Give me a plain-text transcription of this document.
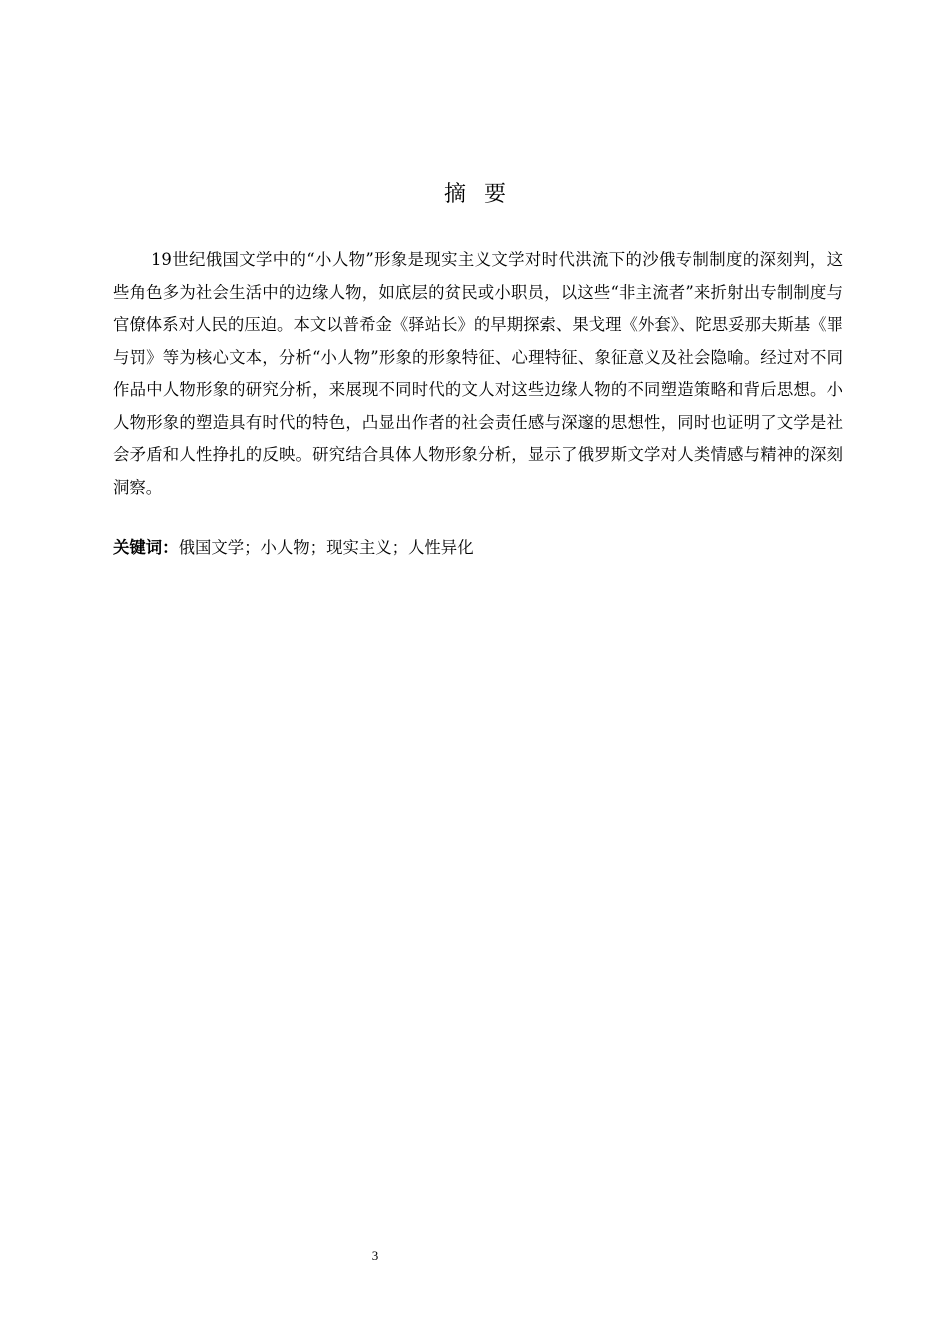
摘要

19世纪俄国文学中的“小人物”形象是现实主义文学对时代洪流下的沙俄专制制度的深刻判，这些角色多为社会生活中的边缘人物，如底层的贫民或小职员，以这些“非主流者”来折射出专制制度与官僚体系对人民的压迫。本文以普希金《驿站长》的早期探索、果戈理《外套》、陀思妥那夫斯基《罪与罚》等为核心文本，分析“小人物”形象的形象特征、心理特征、象征意义及社会隐喻。经过对不同作品中人物形象的研究分析，来展现不同时代的文人对这些边缘人物的不同塑造策略和背后思想。小人物形象的塑造具有时代的特色，凸显出作者的社会责任感与深邃的思想性，同时也证明了文学是社会矛盾和人性挣扎的反映。研究结合具体人物形象分析，显示了俄罗斯文学对人类情感与精神的深刻洞察。

关键词：俄国文学；小人物；现实主义；人性异化
3
